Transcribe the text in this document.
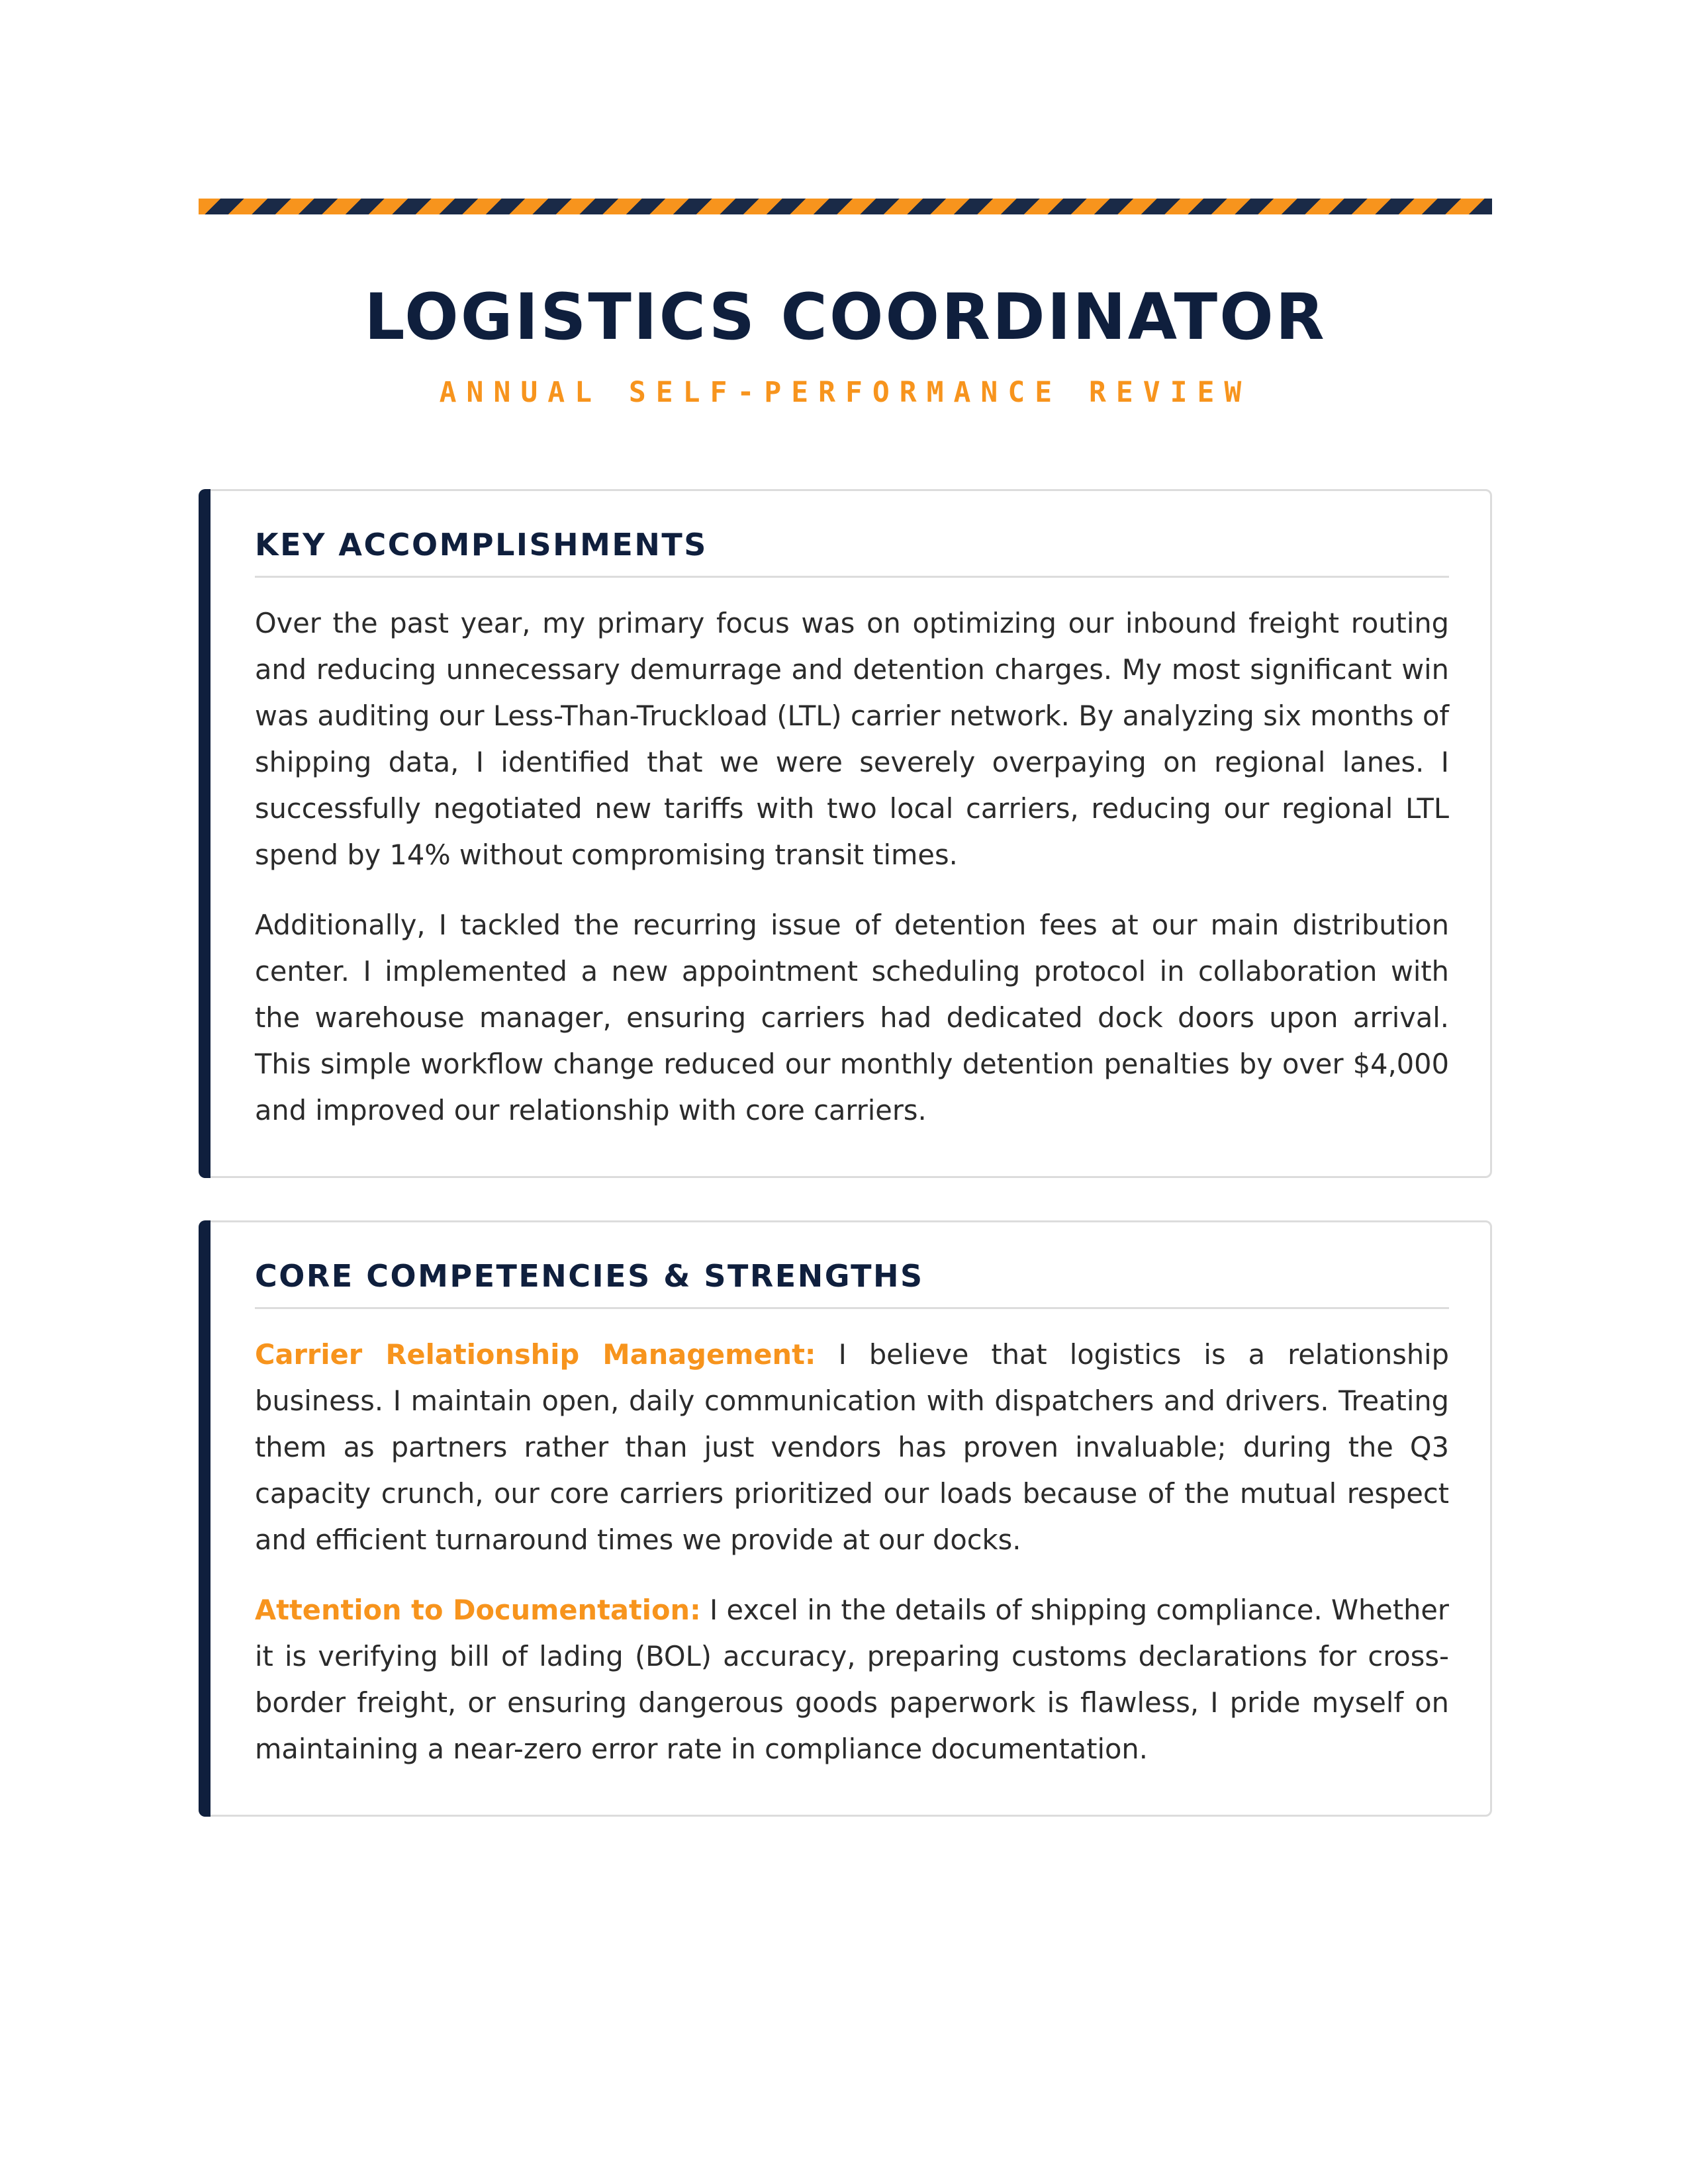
LOGISTICS COORDINATOR
ANNUAL SELF-PERFORMANCE REVIEW
KEY ACCOMPLISHMENTS

Over the past year, my primary focus was on optimizing our inbound freight routing and reducing unnecessary demurrage and detention charges. My most significant win was auditing our Less-Than-Truckload (LTL) carrier network. By analyzing six months of shipping data, I identified that we were severely overpaying on regional lanes. I successfully negotiated new tariffs with two local carriers, reducing our regional LTL spend by 14% without compromising transit times.

Additionally, I tackled the recurring issue of detention fees at our main distribution center. I implemented a new appointment scheduling protocol in collaboration with the warehouse manager, ensuring carriers had dedicated dock doors upon arrival. This simple workflow change reduced our monthly detention penalties by over $4,000 and improved our relationship with core carriers.

CORE COMPETENCIES & STRENGTHS

Carrier Relationship Management: I believe that logistics is a relationship business. I maintain open, daily communication with dispatchers and drivers. Treating them as partners rather than just vendors has proven invaluable; during the Q3 capacity crunch, our core carriers prioritized our loads because of the mutual respect and efficient turnaround times we provide at our docks.

Attention to Documentation: I excel in the details of shipping compliance. Whether it is verifying bill of lading (BOL) accuracy, preparing customs declarations for cross-border freight, or ensuring dangerous goods paperwork is flawless, I pride myself on maintaining a near-zero error rate in compliance documentation.
